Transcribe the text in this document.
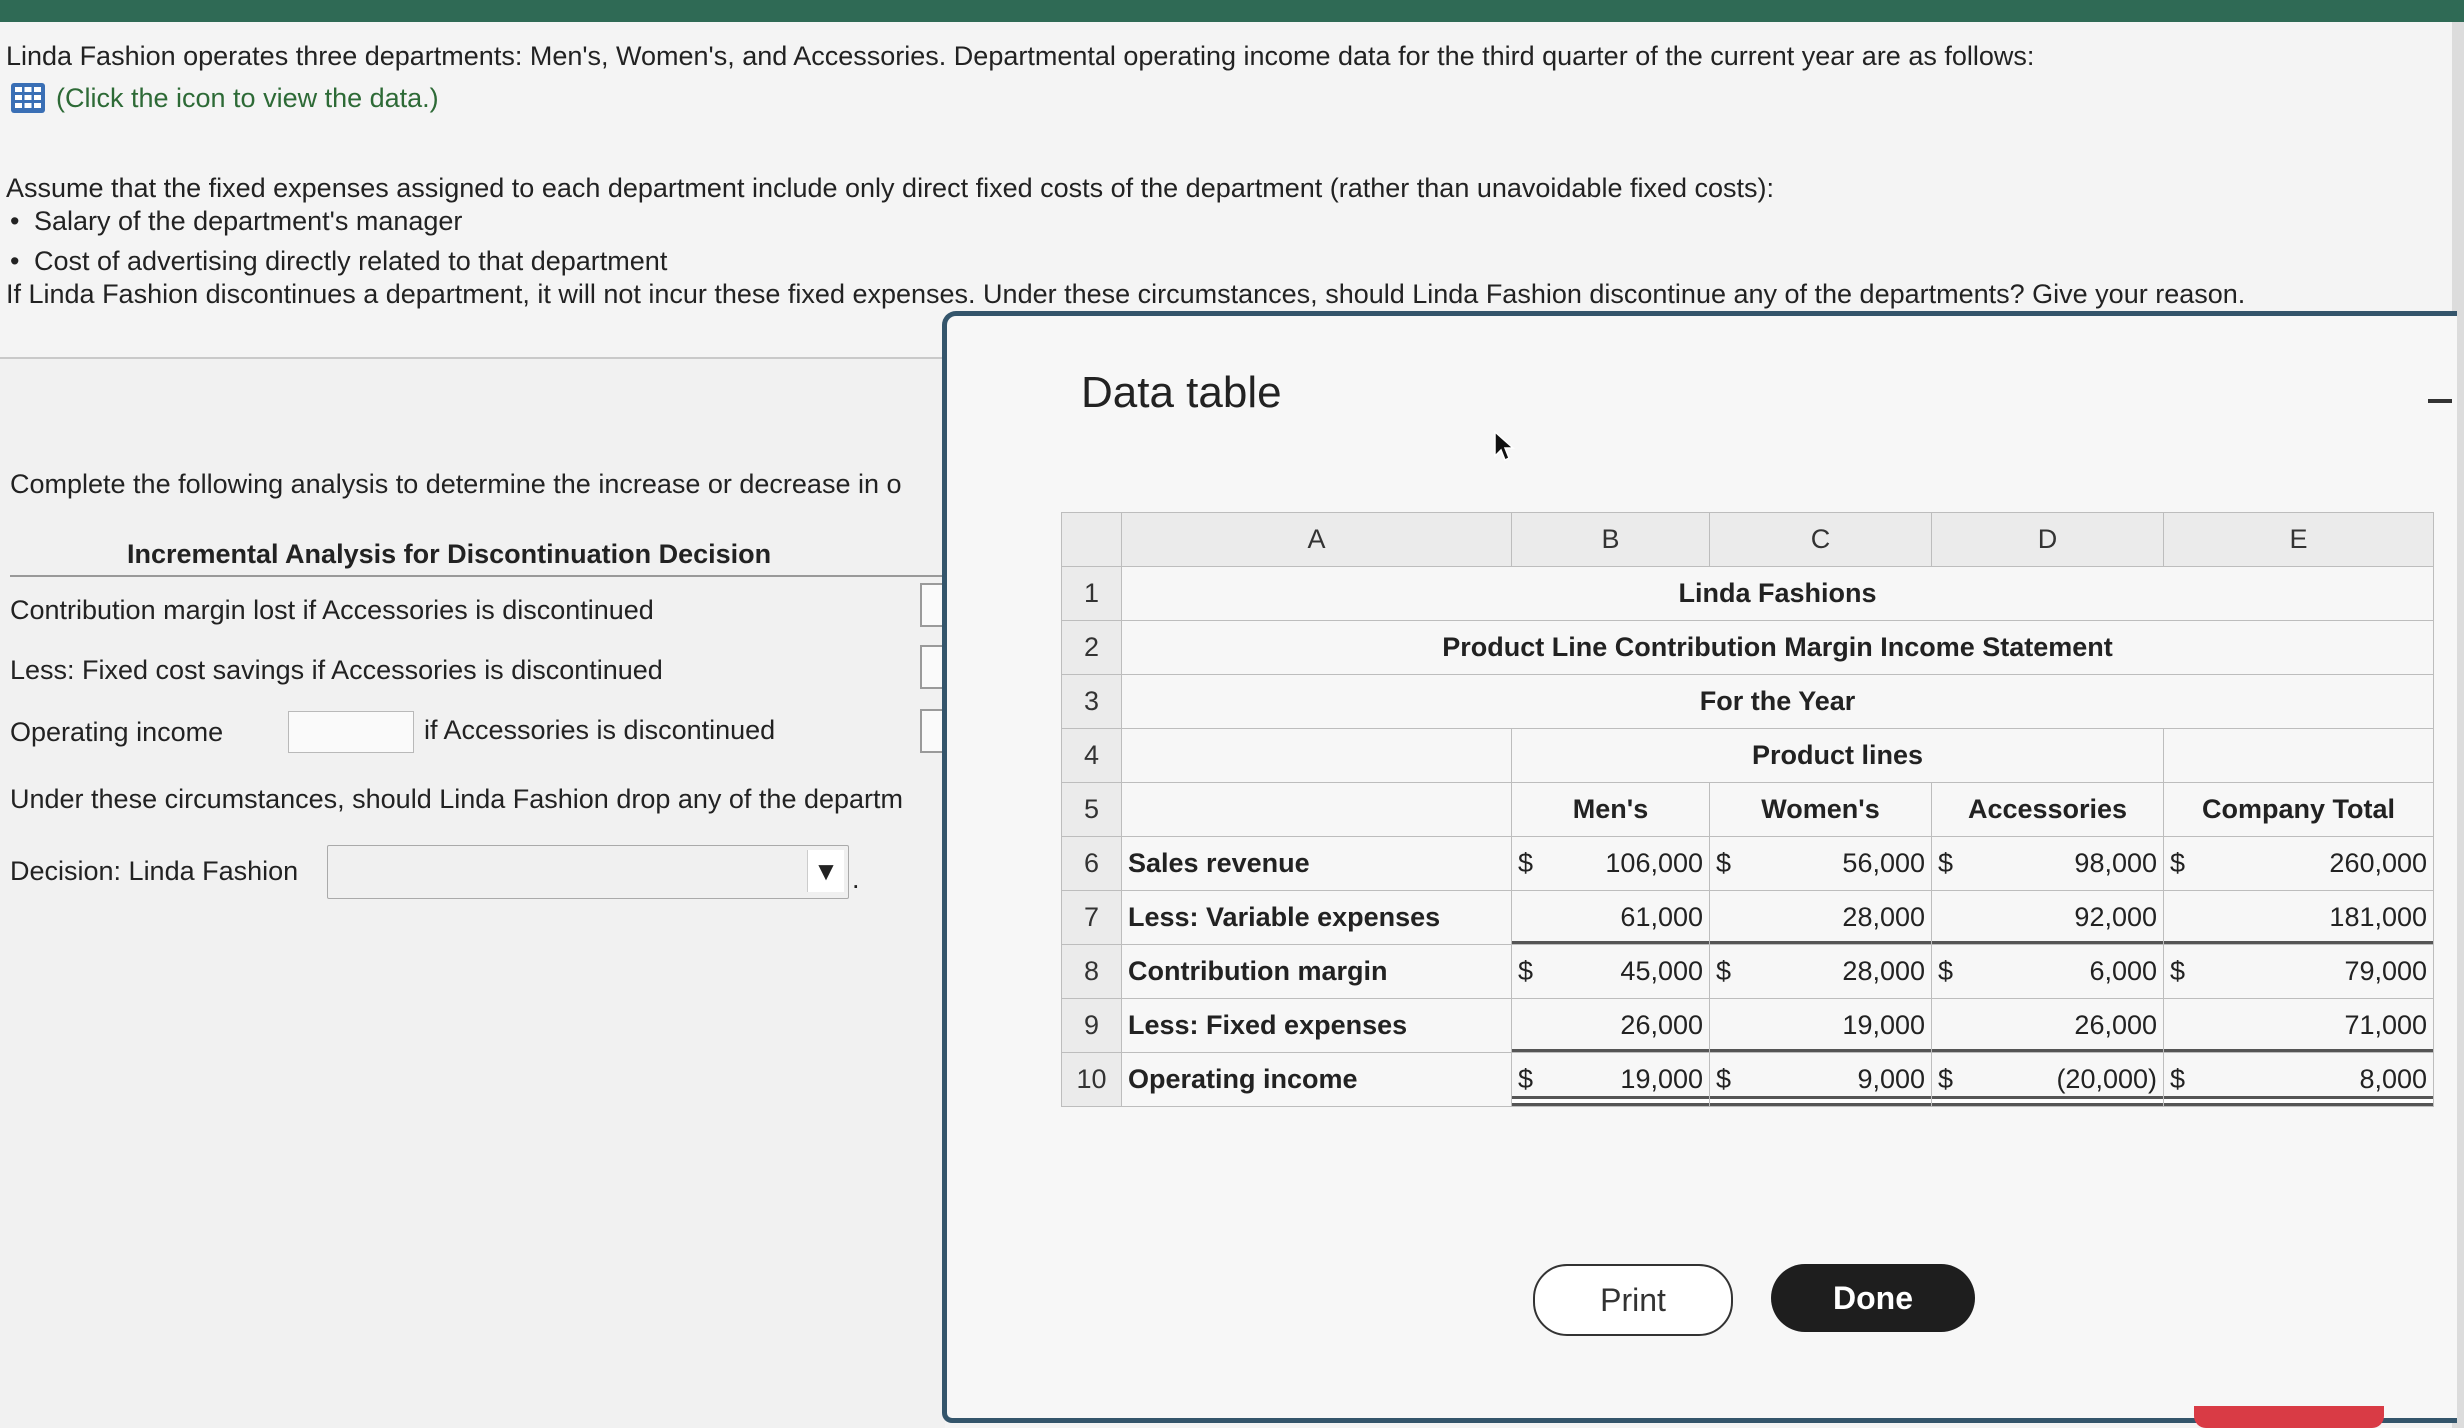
Linda Fashion operates three departments: Men's, Women's, and Accessories. Departmental operating income data for the third quarter of the current year are as follows:
(Click the icon to view the data.)
Assume that the fixed expenses assigned to each department include only direct fixed costs of the department (rather than unavoidable fixed costs):
• Salary of the department's manager
• Cost of advertising directly related to that department
If Linda Fashion discontinues a department, it will not incur these fixed expenses. Under these circumstances, should Linda Fashion discontinue any of the departments? Give your reason.
Complete the following analysis to determine the increase or decrease in o
Incremental Analysis for Discontinuation Decision
Contribution margin lost if Accessories is discontinued
Less: Fixed cost savings if Accessories is discontinued
Operating income	if Accessories is discontinued
Under these circumstances, should Linda Fashion drop any of the departm
Decision: Linda Fashion	▼ .
Data table
	A	B		C		D		E	
1	Linda Fashions								
2	Product Line Contribution Margin Income Statement								
3	For the Year								
4		Product lines							
5		Men's		Women's		Accessories		Company Total	
6	Sales revenue	$	106,000	$	56,000	$	98,000	$	260,000
7	Less: Variable expenses		61,000		28,000		92,000		181,000
8	Contribution margin	$	45,000	$	28,000	$	6,000	$	79,000
9	Less: Fixed expenses		26,000		19,000		26,000		71,000
10	Operating income	$	19,000	$	9,000	$	(20,000)	$	8,000
Print	Done
